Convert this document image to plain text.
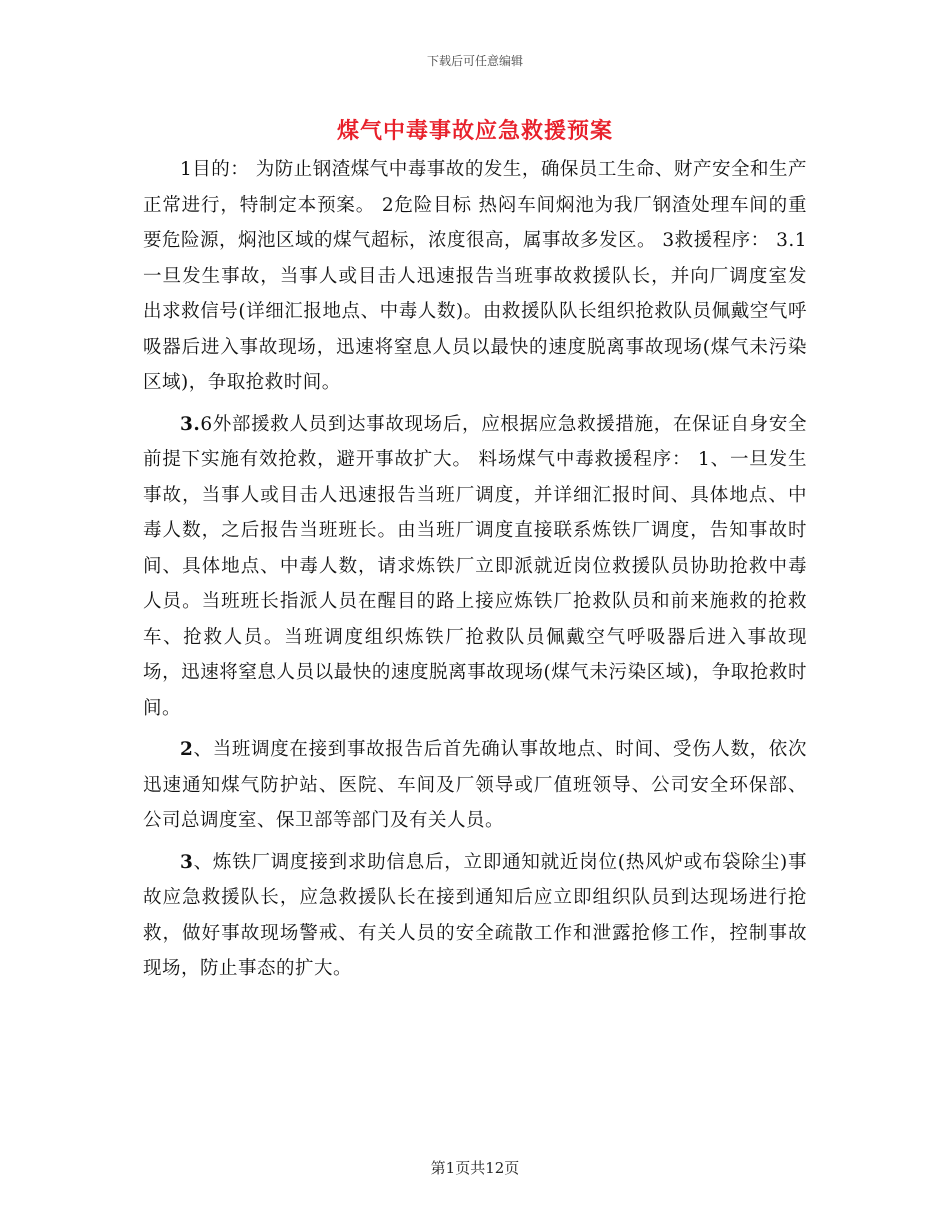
下载后可任意编辑
煤气中毒事故应急救援预案

1目的： 为防止钢渣煤气中毒事故的发生，确保员工生命、财产安全和生产正常进行，特制定本预案。 2危险目标 热闷车间焖池为我厂钢渣处理车间的重要危险源，焖池区域的煤气超标，浓度很高，属事故多发区。 3救援程序： 3.1一旦发生事故，当事人或目击人迅速报告当班事故救援队长，并向厂调度室发出求救信号(详细汇报地点、中毒人数)。由救援队队长组织抢救队员佩戴空气呼吸器后进入事故现场，迅速将窒息人员以最快的速度脱离事故现场(煤气未污染区域)，争取抢救时间。

3.6外部援救人员到达事故现场后，应根据应急救援措施，在保证自身安全前提下实施有效抢救，避开事故扩大。 料场煤气中毒救援程序： 1、一旦发生事故，当事人或目击人迅速报告当班厂调度，并详细汇报时间、具体地点、中毒人数，之后报告当班班长。由当班厂调度直接联系炼铁厂调度，告知事故时间、具体地点、中毒人数，请求炼铁厂立即派就近岗位救援队员协助抢救中毒人员。当班班长指派人员在醒目的路上接应炼铁厂抢救队员和前来施救的抢救车、抢救人员。当班调度组织炼铁厂抢救队员佩戴空气呼吸器后进入事故现场，迅速将窒息人员以最快的速度脱离事故现场(煤气未污染区域)，争取抢救时间。

2、当班调度在接到事故报告后首先确认事故地点、时间、受伤人数，依次迅速通知煤气防护站、医院、车间及厂领导或厂值班领导、公司安全环保部、公司总调度室、保卫部等部门及有关人员。

3、炼铁厂调度接到求助信息后，立即通知就近岗位(热风炉或布袋除尘)事故应急救援队长，应急救援队长在接到通知后应立即组织队员到达现场进行抢救，做好事故现场警戒、有关人员的安全疏散工作和泄露抢修工作，控制事故现场，防止事态的扩大。

第1页共12页
